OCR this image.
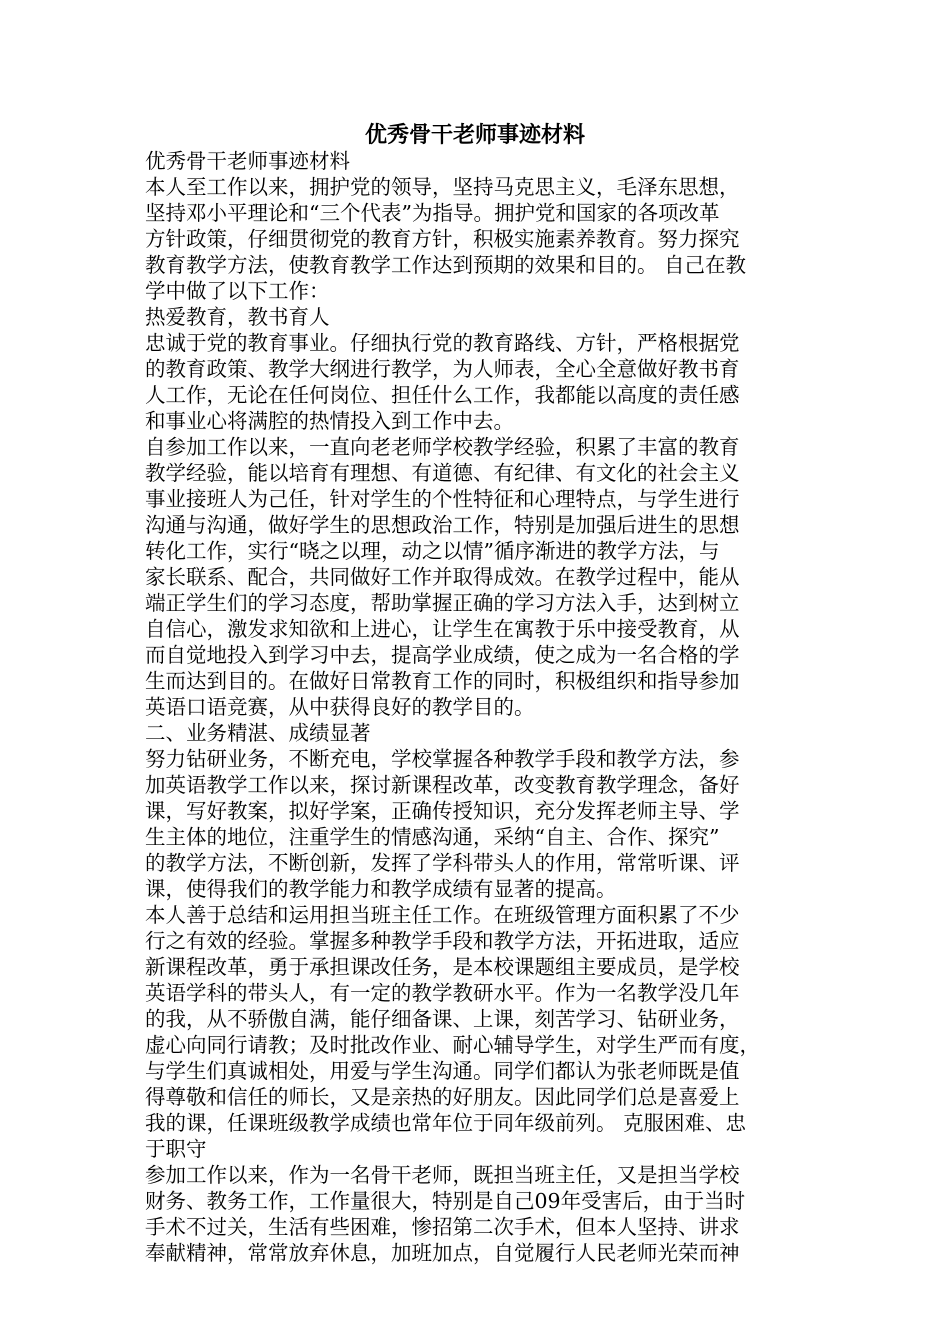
优秀骨干老师事迹材料
优秀骨干老师事迹材料
本人至工作以来，拥护党的领导，坚持马克思主义，毛泽东思想，
坚持邓小平理论和“三个代表”为指导。拥护党和国家的各项改革
方针政策，仔细贯彻党的教育方针，积极实施素养教育。努力探究
教育教学方法，使教育教学工作达到预期的效果和目的。 自己在教
学中做了以下工作：
热爱教育，教书育人
忠诚于党的教育事业。仔细执行党的教育路线、方针，严格根据党
的教育政策、教学大纲进行教学，为人师表，全心全意做好教书育
人工作，无论在任何岗位、担任什么工作，我都能以高度的责任感
和事业心将满腔的热情投入到工作中去。
自参加工作以来，一直向老老师学校教学经验，积累了丰富的教育
教学经验，能以培育有理想、有道德、有纪律、有文化的社会主义
事业接班人为己任，针对学生的个性特征和心理特点，与学生进行
沟通与沟通，做好学生的思想政治工作，特别是加强后进生的思想
转化工作，实行“晓之以理，动之以情”循序渐进的教学方法，与
家长联系、配合，共同做好工作并取得成效。在教学过程中，能从
端正学生们的学习态度，帮助掌握正确的学习方法入手，达到树立
自信心，激发求知欲和上进心，让学生在寓教于乐中接受教育，从
而自觉地投入到学习中去，提高学业成绩，使之成为一名合格的学
生而达到目的。在做好日常教育工作的同时，积极组织和指导参加
英语口语竞赛，从中获得良好的教学目的。
二、业务精湛、成绩显著
努力钻研业务，不断充电，学校掌握各种教学手段和教学方法，参
加英语教学工作以来，探讨新课程改革，改变教育教学理念，备好
课，写好教案，拟好学案，正确传授知识，充分发挥老师主导、学
生主体的地位，注重学生的情感沟通，采纳“自主、合作、探究”
的教学方法，不断创新，发挥了学科带头人的作用，常常听课、评
课，使得我们的教学能力和教学成绩有显著的提高。
本人善于总结和运用担当班主任工作。在班级管理方面积累了不少
行之有效的经验。掌握多种教学手段和教学方法，开拓进取，适应
新课程改革，勇于承担课改任务，是本校课题组主要成员，是学校
英语学科的带头人，有一定的教学教研水平。作为一名教学没几年
的我，从不骄傲自满，能仔细备课、上课，刻苦学习、钻研业务，
虚心向同行请教；及时批改作业、耐心辅导学生，对学生严而有度，
与学生们真诚相处，用爱与学生沟通。同学们都认为张老师既是值
得尊敬和信任的师长，又是亲热的好朋友。因此同学们总是喜爱上
我的课，任课班级教学成绩也常年位于同年级前列。 克服困难、忠
于职守
参加工作以来，作为一名骨干老师，既担当班主任，又是担当学校
财务、教务工作，工作量很大，特别是自己09年受害后，由于当时
手术不过关，生活有些困难，惨招第二次手术，但本人坚持、讲求
奉献精神，常常放弃休息，加班加点，自觉履行人民老师光荣而神
